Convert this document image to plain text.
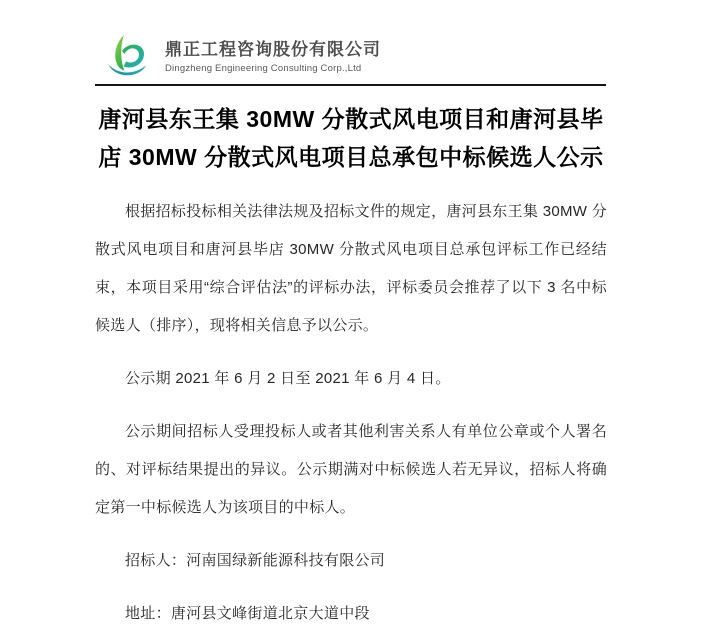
鼎正工程咨询股份有限公司
Dingzheng Engineering Consulting Corp.,Ltd
唐河县东王集 30MW 分散式风电项目和唐河县毕店 30MW 分散式风电项目总承包中标候选人公示

根据招标投标相关法律法规及招标文件的规定，唐河县东王集 30MW 分散式风电项目和唐河县毕店 30MW 分散式风电项目总承包评标工作已经结束，本项目采用“综合评估法”的评标办法，评标委员会推荐了以下 3 名中标候选人（排序），现将相关信息予以公示。

公示期 2021 年 6 月 2 日至 2021 年 6 月 4 日。

公示期间招标人受理投标人或者其他利害关系人有单位公章或个人署名的、对评标结果提出的异议。公示期满对中标候选人若无异议，招标人将确定第一中标候选人为该项目的中标人。

招标人：河南国绿新能源科技有限公司

地址：唐河县文峰街道北京大道中段
